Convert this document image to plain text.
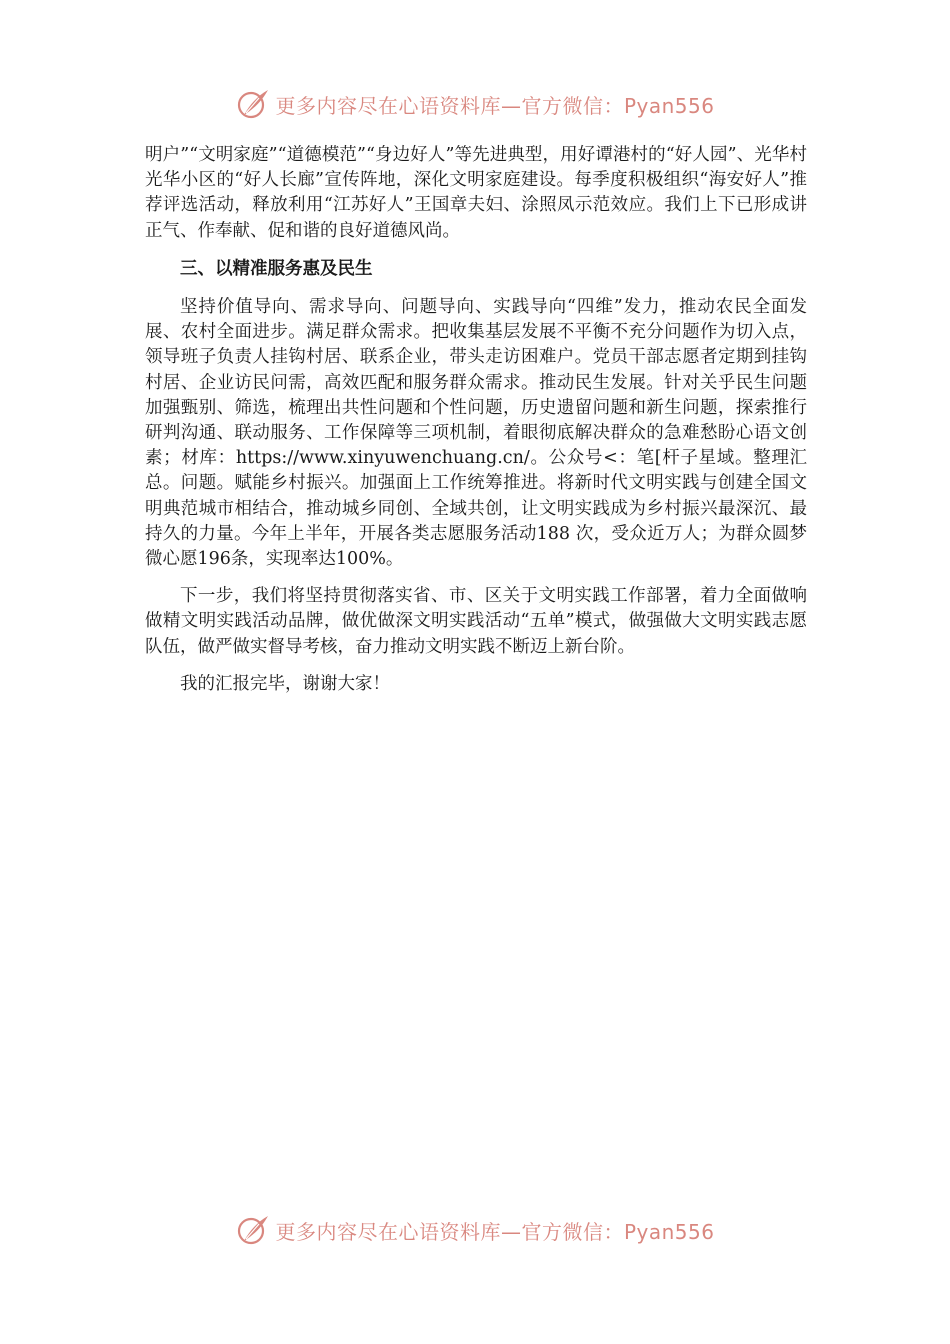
更多内容尽在心语资料库—官方微信：Pyan556

明户”“文明家庭”“道德模范”“身边好人”等先进典型，用好谭港村的“好人园”、光华村光华小区的“好人长廊”宣传阵地，深化文明家庭建设。每季度积极组织“海安好人”推荐评选活动，释放利用“江苏好人”王国章夫妇、涂照凤示范效应。我们上下已形成讲正气、作奉献、促和谐的良好道德风尚。

三、以精准服务惠及民生

坚持价值导向、需求导向、问题导向、实践导向“四维”发力，推动农民全面发展、农村全面进步。满足群众需求。把收集基层发展不平衡不充分问题作为切入点，领导班子负责人挂钩村居、联系企业，带头走访困难户。党员干部志愿者定期到挂钩村居、企业访民问需，高效匹配和服务群众需求。推动民生发展。针对关乎民生问题加强甄别、筛选，梳理出共性问题和个性问题，历史遗留问题和新生问题，探索推行研判沟通、联动服务、工作保障等三项机制，着眼彻底解决群众的急难愁盼心语文创素；材库：https://www.xinyuwenchuang.cn/。公众号<：笔[杆子星域。整理汇总。问题。赋能乡村振兴。加强面上工作统筹推进。将新时代文明实践与创建全国文明典范城市相结合，推动城乡同创、全域共创，让文明实践成为乡村振兴最深沉、最持久的力量。今年上半年，开展各类志愿服务活动188 次，受众近万人；为群众圆梦微心愿196条，实现率达100%。

下一步，我们将坚持贯彻落实省、市、区关于文明实践工作部署，着力全面做响做精文明实践活动品牌，做优做深文明实践活动“五单”模式，做强做大文明实践志愿队伍，做严做实督导考核，奋力推动文明实践不断迈上新台阶。

我的汇报完毕，谢谢大家！

更多内容尽在心语资料库—官方微信：Pyan556
